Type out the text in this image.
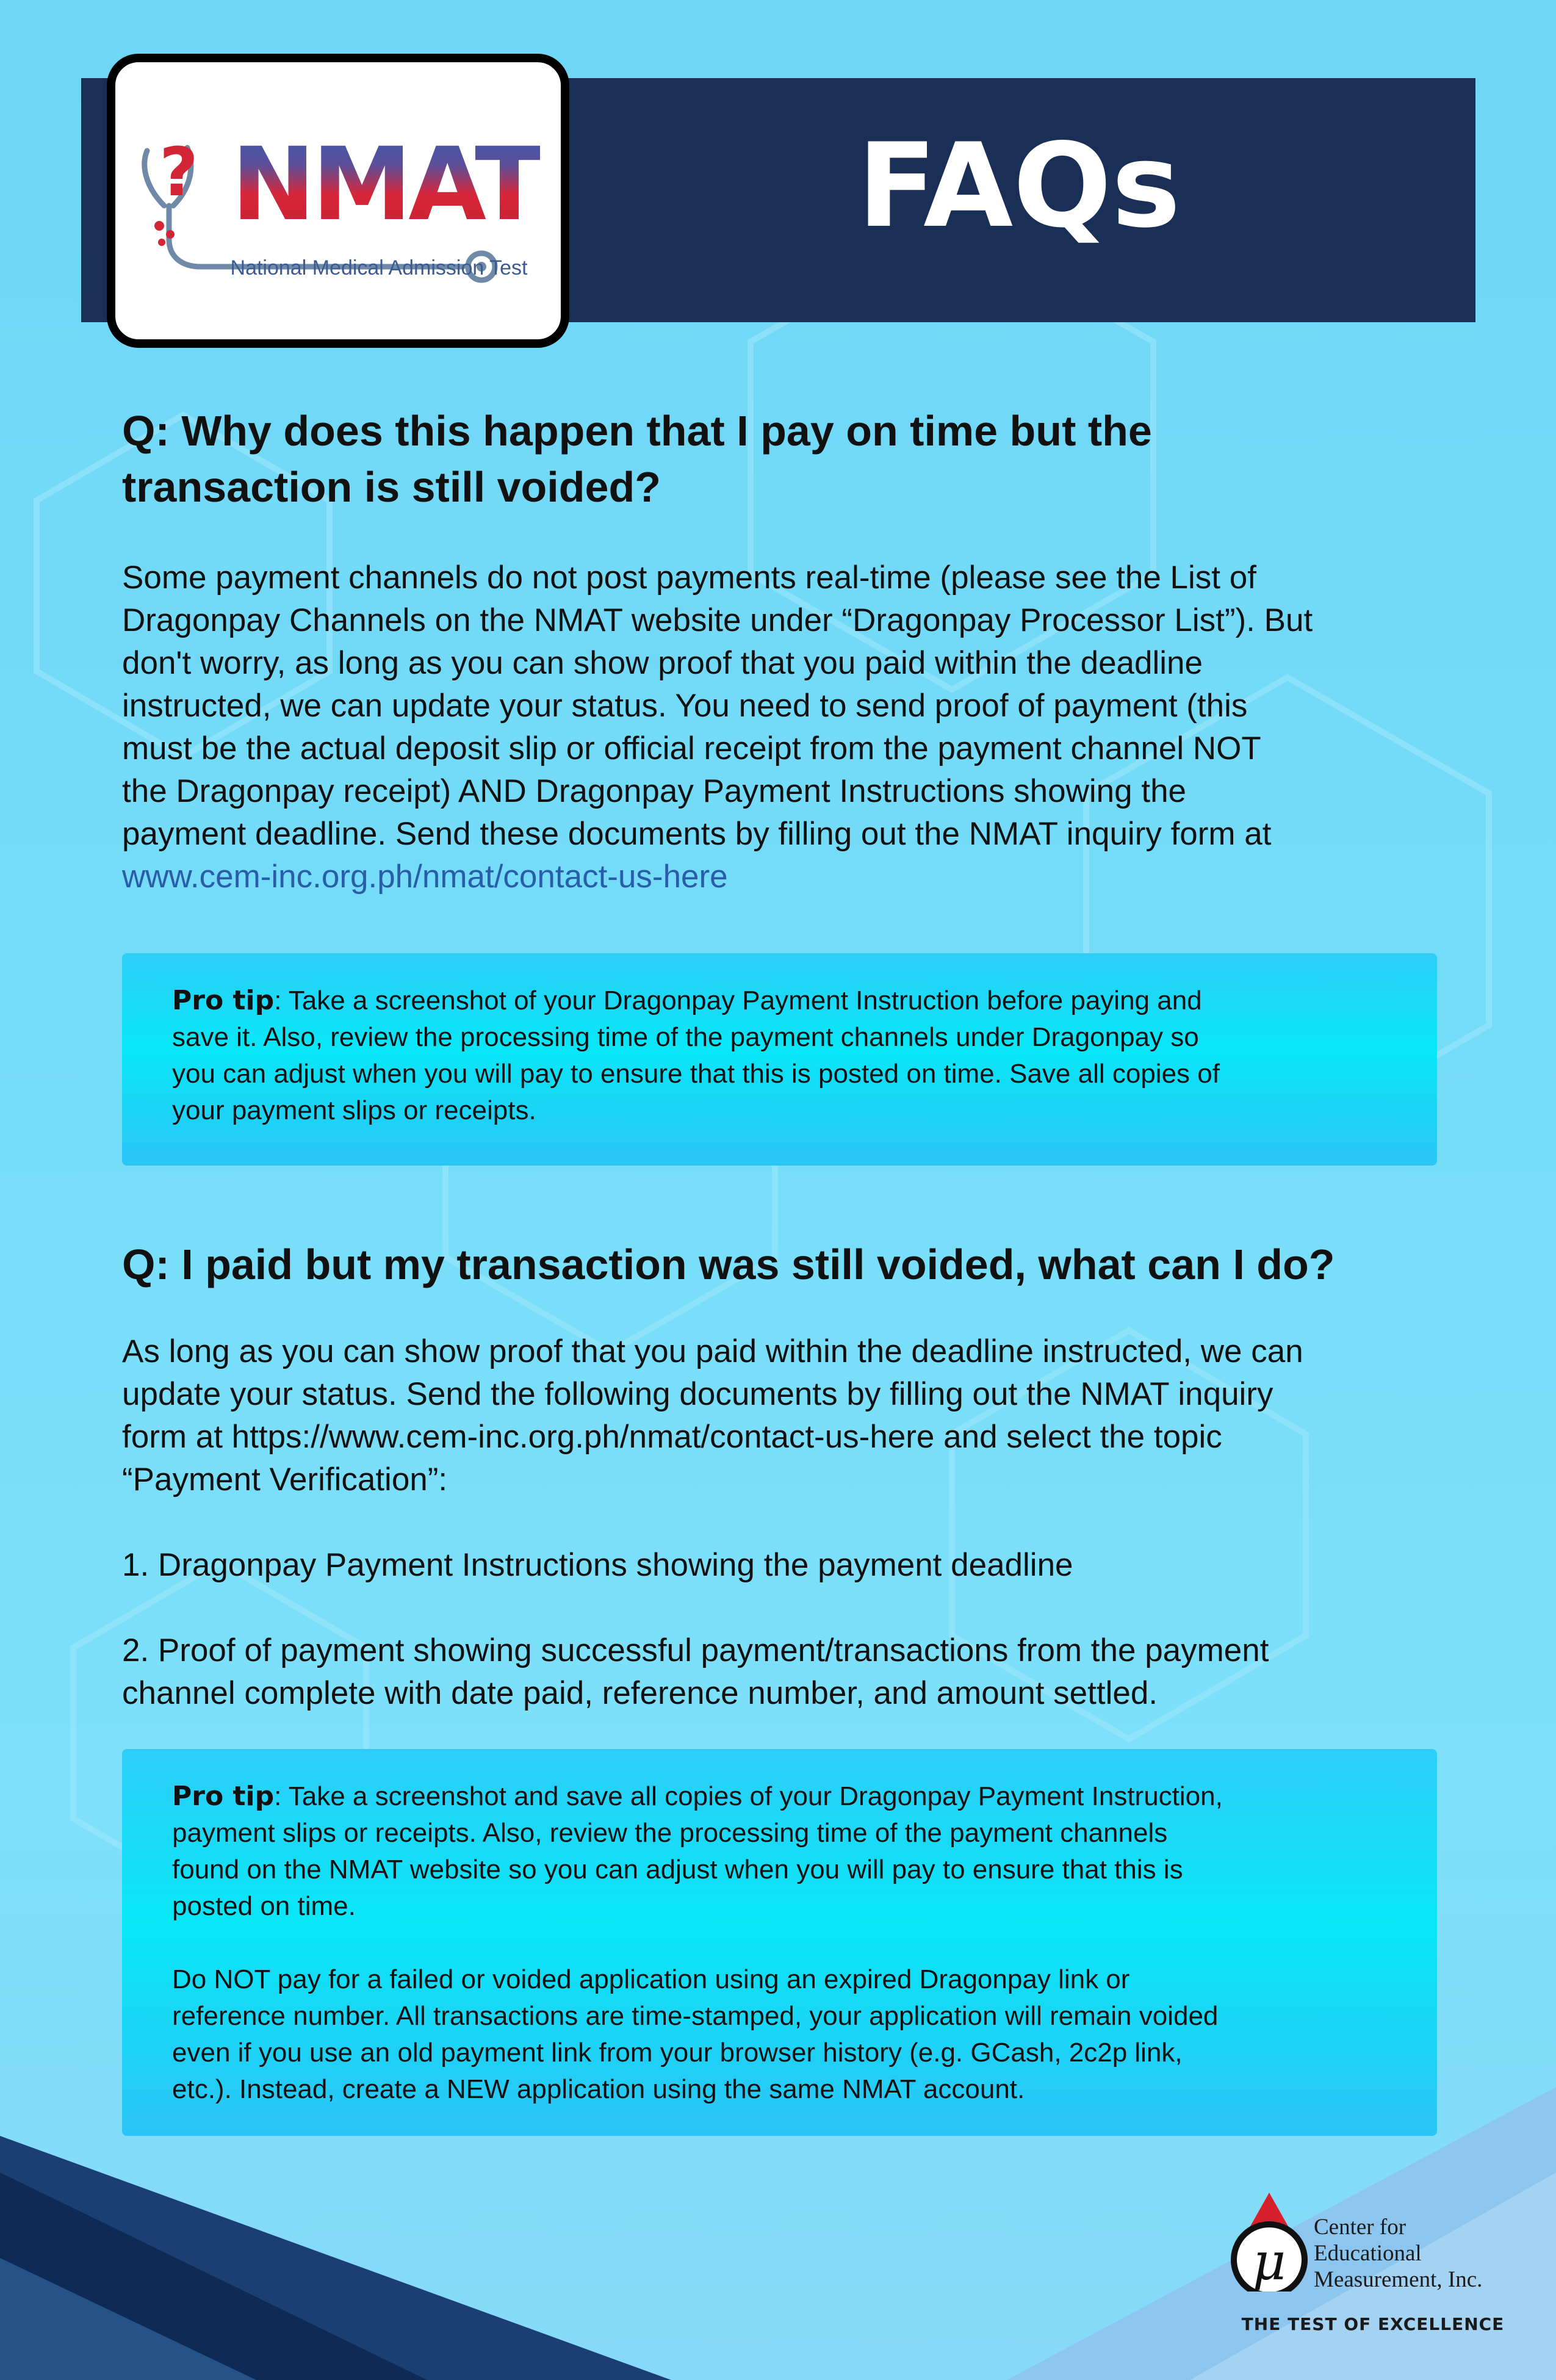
FAQs
? NMAT
National Medical Admission Test
Q: Why does this happen that I pay on time but the
transaction is still voided?

Some payment channels do not post payments real-time (please see the List of
Dragonpay Channels on the NMAT website under “Dragonpay Processor List”). But
don't worry, as long as you can show proof that you paid within the deadline
instructed, we can update your status. You need to send proof of payment (this
must be the actual deposit slip or official receipt from the payment channel NOT
the Dragonpay receipt) AND Dragonpay Payment Instructions showing the
payment deadline. Send these documents by filling out the NMAT inquiry form at
www.cem-inc.org.ph/nmat/contact-us-here

Pro tip: Take a screenshot of your Dragonpay Payment Instruction before paying and
save it. Also, review the processing time of the payment channels under Dragonpay so
you can adjust when you will pay to ensure that this is posted on time. Save all copies of
your payment slips or receipts.

Q: I paid but my transaction was still voided, what can I do?

As long as you can show proof that you paid within the deadline instructed, we can
update your status. Send the following documents by filling out the NMAT inquiry
form at https://www.cem-inc.org.ph/nmat/contact-us-here and select the topic
“Payment Verification”:

1. Dragonpay Payment Instructions showing the payment deadline

2. Proof of payment showing successful payment/transactions from the payment
channel complete with date paid, reference number, and amount settled.

Pro tip: Take a screenshot and save all copies of your Dragonpay Payment Instruction,
payment slips or receipts. Also, review the processing time of the payment channels
found on the NMAT website so you can adjust when you will pay to ensure that this is
posted on time.

Do NOT pay for a failed or voided application using an expired Dragonpay link or
reference number. All transactions are time-stamped, your application will remain voided
even if you use an old payment link from your browser history (e.g. GCash, 2c2p link,
etc.). Instead, create a NEW application using the same NMAT account.

μ
Center for
Educational
Measurement, Inc.
THE TEST OF EXCELLENCE
